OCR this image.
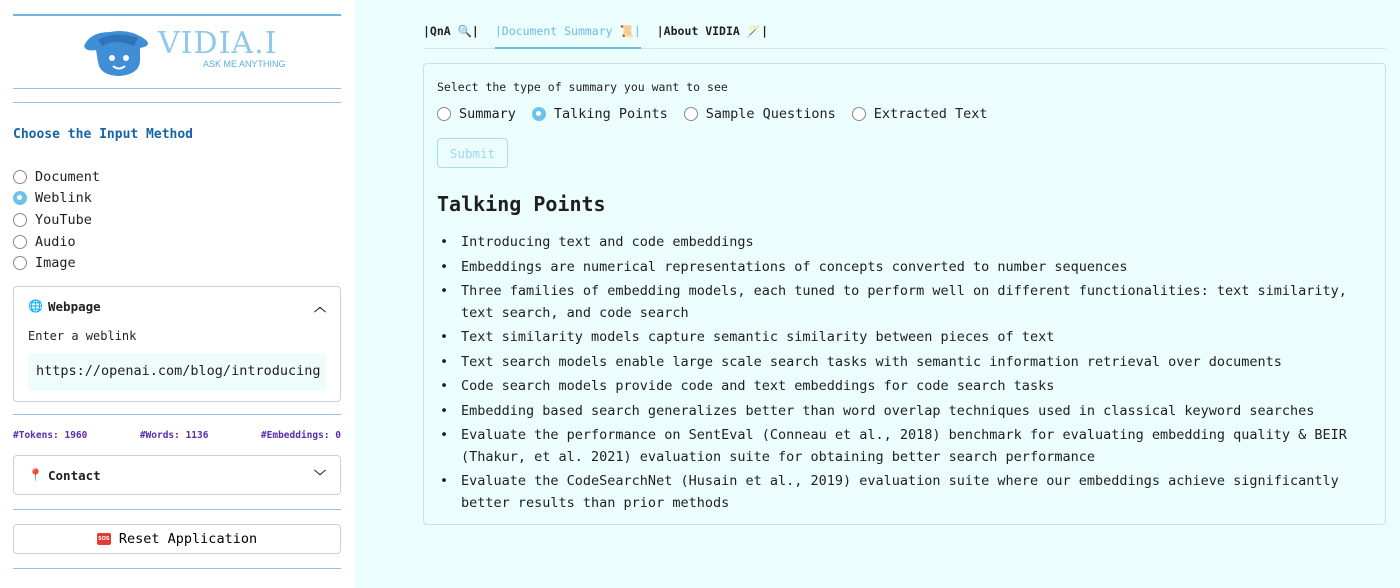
VIDIA.I
ASK ME ANYTHING
Choose the Input Method
Document
Weblink
YouTube
Audio
Image
🌐 Webpage	︿
Enter a weblink
https://openai.com/blog/introducing
#Tokens: 1960	#Words: 1136	#Embeddings: 0
📍 Contact	﹀
SOS Reset Application
|QnA 🔍| |Document Summary 📜| |About VIDIA 🪄|
Select the type of summary you want to see
Summary	Talking Points	Sample Questions	Extracted Text
Submit
Talking Points
• Introducing text and code embeddings
• Embeddings are numerical representations of concepts converted to number sequences
• Three families of embedding models, each tuned to perform well on different functionalities: text similarity, text search, and code search
• Text similarity models capture semantic similarity between pieces of text
• Text search models enable large scale search tasks with semantic information retrieval over documents
• Code search models provide code and text embeddings for code search tasks
• Embedding based search generalizes better than word overlap techniques used in classical keyword searches
• Evaluate the performance on SentEval (Conneau et al., 2018) benchmark for evaluating embedding quality & BEIR (Thakur, et al. 2021) evaluation suite for obtaining better search performance
• Evaluate the CodeSearchNet (Husain et al., 2019) evaluation suite where our embeddings achieve significantly better results than prior methods
